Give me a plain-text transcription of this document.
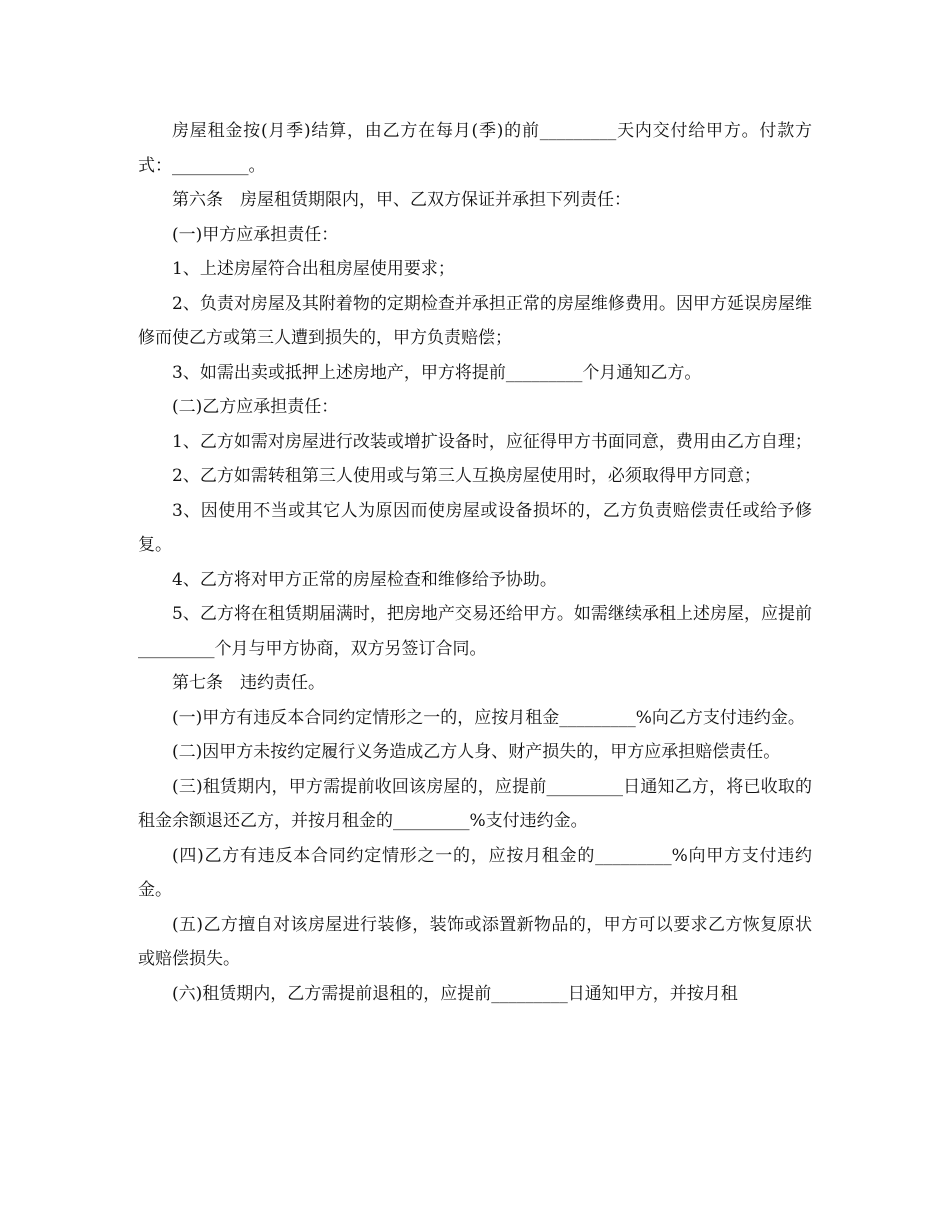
房屋租金按(月季)结算，由乙方在每月(季)的前_________天内交付给甲方。付款方式：_________。

第六条　房屋租赁期限内，甲、乙双方保证并承担下列责任：

(一)甲方应承担责任：

1、上述房屋符合出租房屋使用要求；

2、负责对房屋及其附着物的定期检查并承担正常的房屋维修费用。因甲方延误房屋维修而使乙方或第三人遭到损失的，甲方负责赔偿；

3、如需出卖或抵押上述房地产，甲方将提前_________个月通知乙方。

(二)乙方应承担责任：

1、乙方如需对房屋进行改装或增扩设备时，应征得甲方书面同意，费用由乙方自理；

2、乙方如需转租第三人使用或与第三人互换房屋使用时，必须取得甲方同意；

3、因使用不当或其它人为原因而使房屋或设备损坏的，乙方负责赔偿责任或给予修复。

4、乙方将对甲方正常的房屋检查和维修给予协助。

5、乙方将在租赁期届满时，把房地产交易还给甲方。如需继续承租上述房屋，应提前_________个月与甲方协商，双方另签订合同。

第七条　违约责任。

(一)甲方有违反本合同约定情形之一的，应按月租金_________%向乙方支付违约金。

(二)因甲方未按约定履行义务造成乙方人身、财产损失的，甲方应承担赔偿责任。

(三)租赁期内，甲方需提前收回该房屋的，应提前_________日通知乙方，将已收取的租金余额退还乙方，并按月租金的_________%支付违约金。

(四)乙方有违反本合同约定情形之一的，应按月租金的_________%向甲方支付违约金。

(五)乙方擅自对该房屋进行装修，装饰或添置新物品的，甲方可以要求乙方恢复原状或赔偿损失。

(六)租赁期内，乙方需提前退租的，应提前_________日通知甲方，并按月租
